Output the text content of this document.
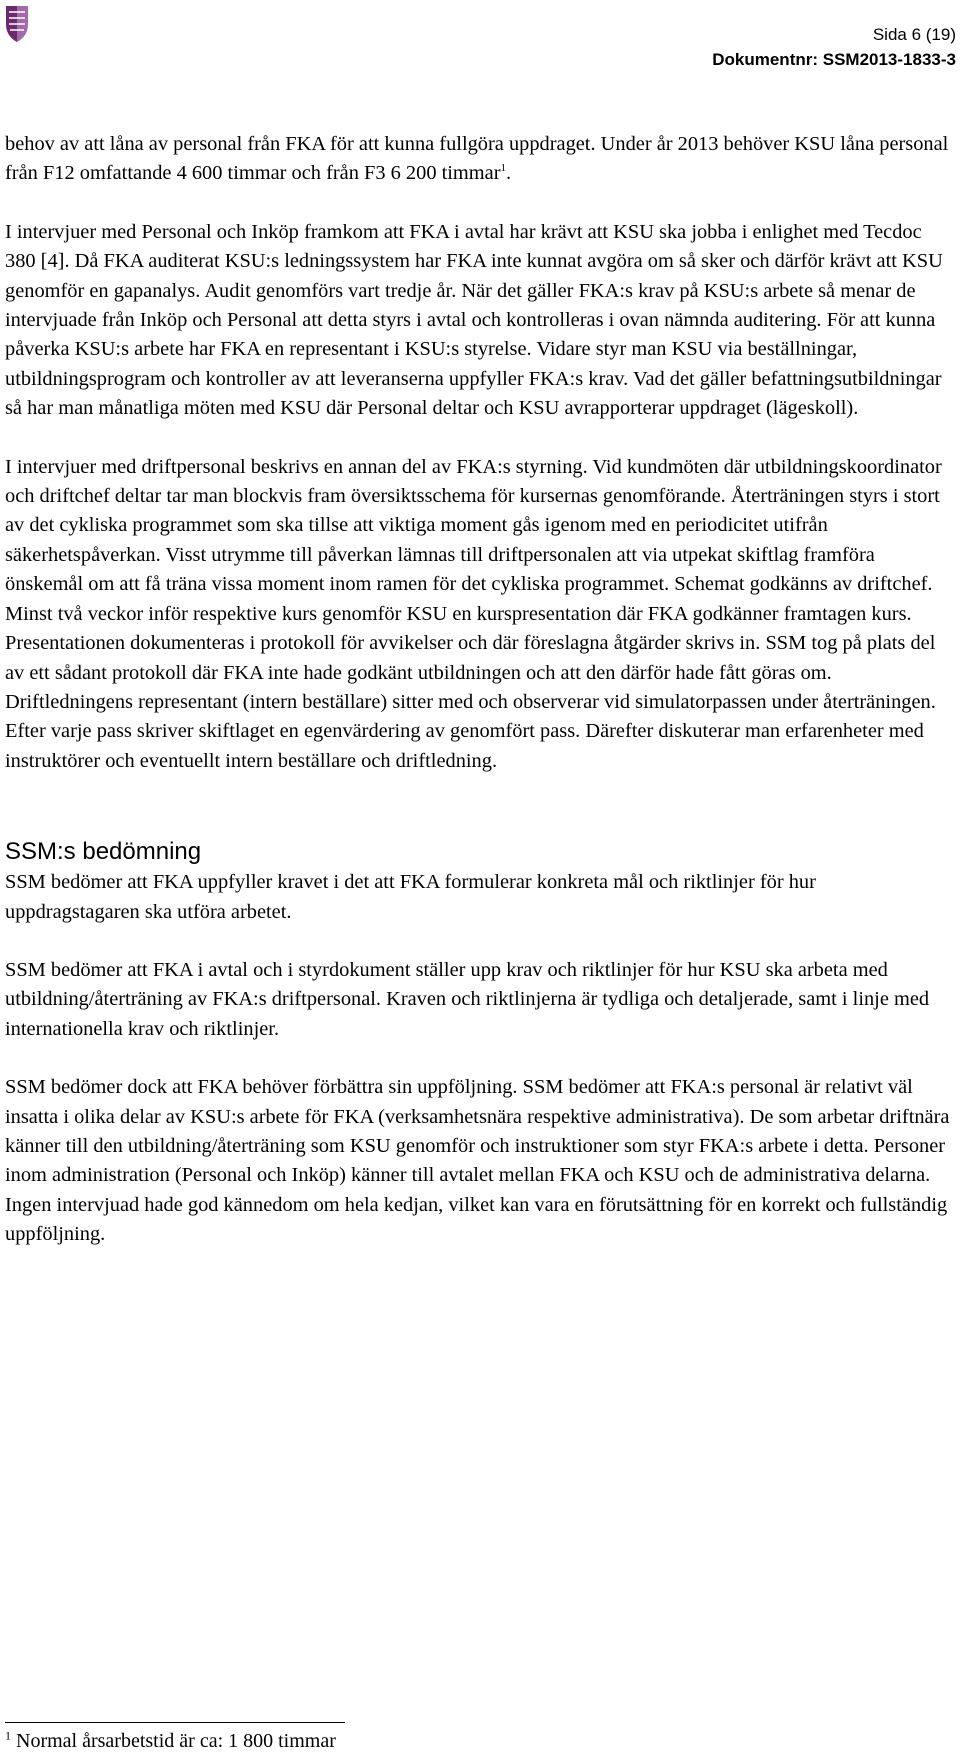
Sida 6 (19)
Dokumentnr: SSM2013-1833-3

behov av att låna av personal från FKA för att kunna fullgöra uppdraget. Under år 2013 behöver KSU låna personal från F12 omfattande 4 600 timmar och från F3 6 200 timmar$^1$.

I intervjuer med Personal och Inköp framkom att FKA i avtal har krävt att KSU ska jobba i enlighet med Tecdoc 380 [4]. Då FKA auditerat KSU:s ledningssystem har FKA inte kunnat avgöra om så sker och därför krävt att KSU genomför en gapanalys. Audit genomförs vart tredje år. När det gäller FKA:s krav på KSU:s arbete så menar de intervjuade från Inköp och Personal att detta styrs i avtal och kontrolleras i ovan nämnda auditering. För att kunna påverka KSU:s arbete har FKA en representant i KSU:s styrelse. Vidare styr man KSU via beställningar, utbildningsprogram och kontroller av att leveranserna uppfyller FKA:s krav. Vad det gäller befattningsutbildningar så har man månatliga möten med KSU där Personal deltar och KSU avrapporterar uppdraget (lägeskoll).

I intervjuer med driftpersonal beskrivs en annan del av FKA:s styrning. Vid kundmöten där utbildningskoordinator och driftchef deltar tar man blockvis fram översiktsschema för kursernas genomförande. Återträningen styrs i stort av det cykliska programmet som ska tillse att viktiga moment gås igenom med en periodicitet utifrån säkerhetspåverkan. Visst utrymme till påverkan lämnas till driftpersonalen att via utpekat skiftlag framföra önskemål om att få träna vissa moment inom ramen för det cykliska programmet. Schemat godkänns av driftchef. Minst två veckor inför respektive kurs genomför KSU en kurspresentation där FKA godkänner framtagen kurs. Presentationen dokumenteras i protokoll för avvikelser och där föreslagna åtgärder skrivs in. SSM tog på plats del av ett sådant protokoll där FKA inte hade godkänt utbildningen och att den därför hade fått göras om. Driftledningens representant (intern beställare) sitter med och observerar vid simulatorpassen under återträningen. Efter varje pass skriver skiftlaget en egenvärdering av genomfört pass. Därefter diskuterar man erfarenheter med instruktörer och eventuellt intern beställare och driftledning.

SSM:s bedömning

SSM bedömer att FKA uppfyller kravet i det att FKA formulerar konkreta mål och riktlinjer för hur uppdragstagaren ska utföra arbetet.

SSM bedömer att FKA i avtal och i styrdokument ställer upp krav och riktlinjer för hur KSU ska arbeta med utbildning/återträning av FKA:s driftpersonal. Kraven och riktlinjerna är tydliga och detaljerade, samt i linje med internationella krav och riktlinjer.

SSM bedömer dock att FKA behöver förbättra sin uppföljning. SSM bedömer att FKA:s personal är relativt väl insatta i olika delar av KSU:s arbete för FKA (verksamhetsnära respektive administrativa). De som arbetar driftnära känner till den utbildning/återträning som KSU genomför och instruktioner som styr FKA:s arbete i detta. Personer inom administration (Personal och Inköp) känner till avtalet mellan FKA och KSU och de administrativa delarna. Ingen intervjuad hade god kännedom om hela kedjan, vilket kan vara en förutsättning för en korrekt och fullständig uppföljning.

$^1$ Normal årsarbetstid är ca: 1 800 timmar
